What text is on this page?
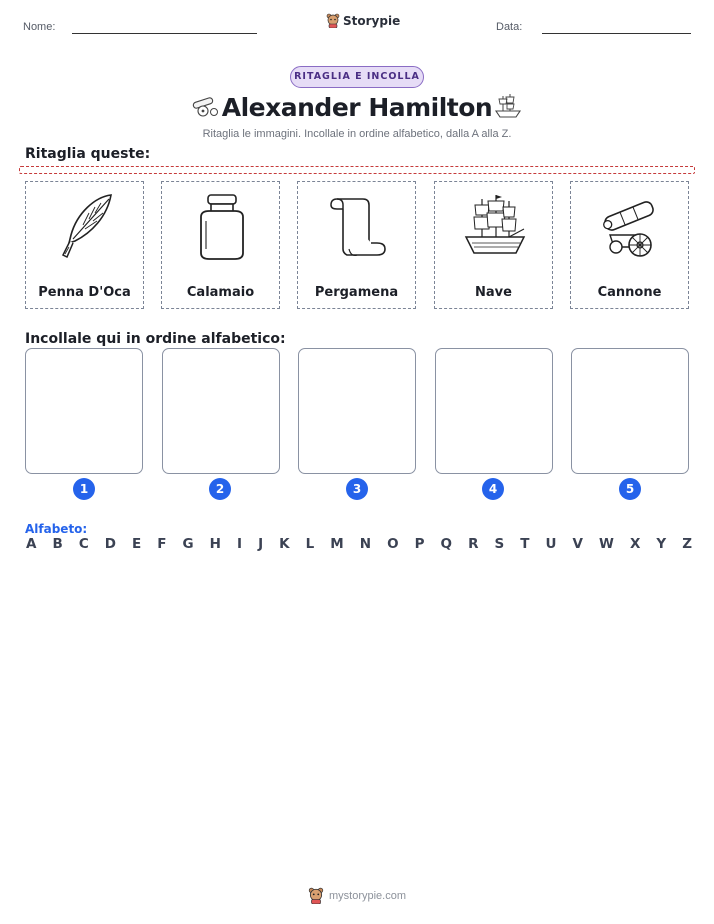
Nome:	Storypie	Data:
RITAGLIA E INCOLLA
Alexander Hamilton
Ritaglia le immagini. Incollale in ordine alfabetico, dalla A alla Z.
Ritaglia queste:
Penna D'Oca	Calamaio	Pergamena	Nave	Cannone
Incollale qui in ordine alfabetico:
1	2	3	4	5
Alfabeto:
A B C D E F G H I J K L M N O P Q R S T U V W X Y Z
mystorypie.com
